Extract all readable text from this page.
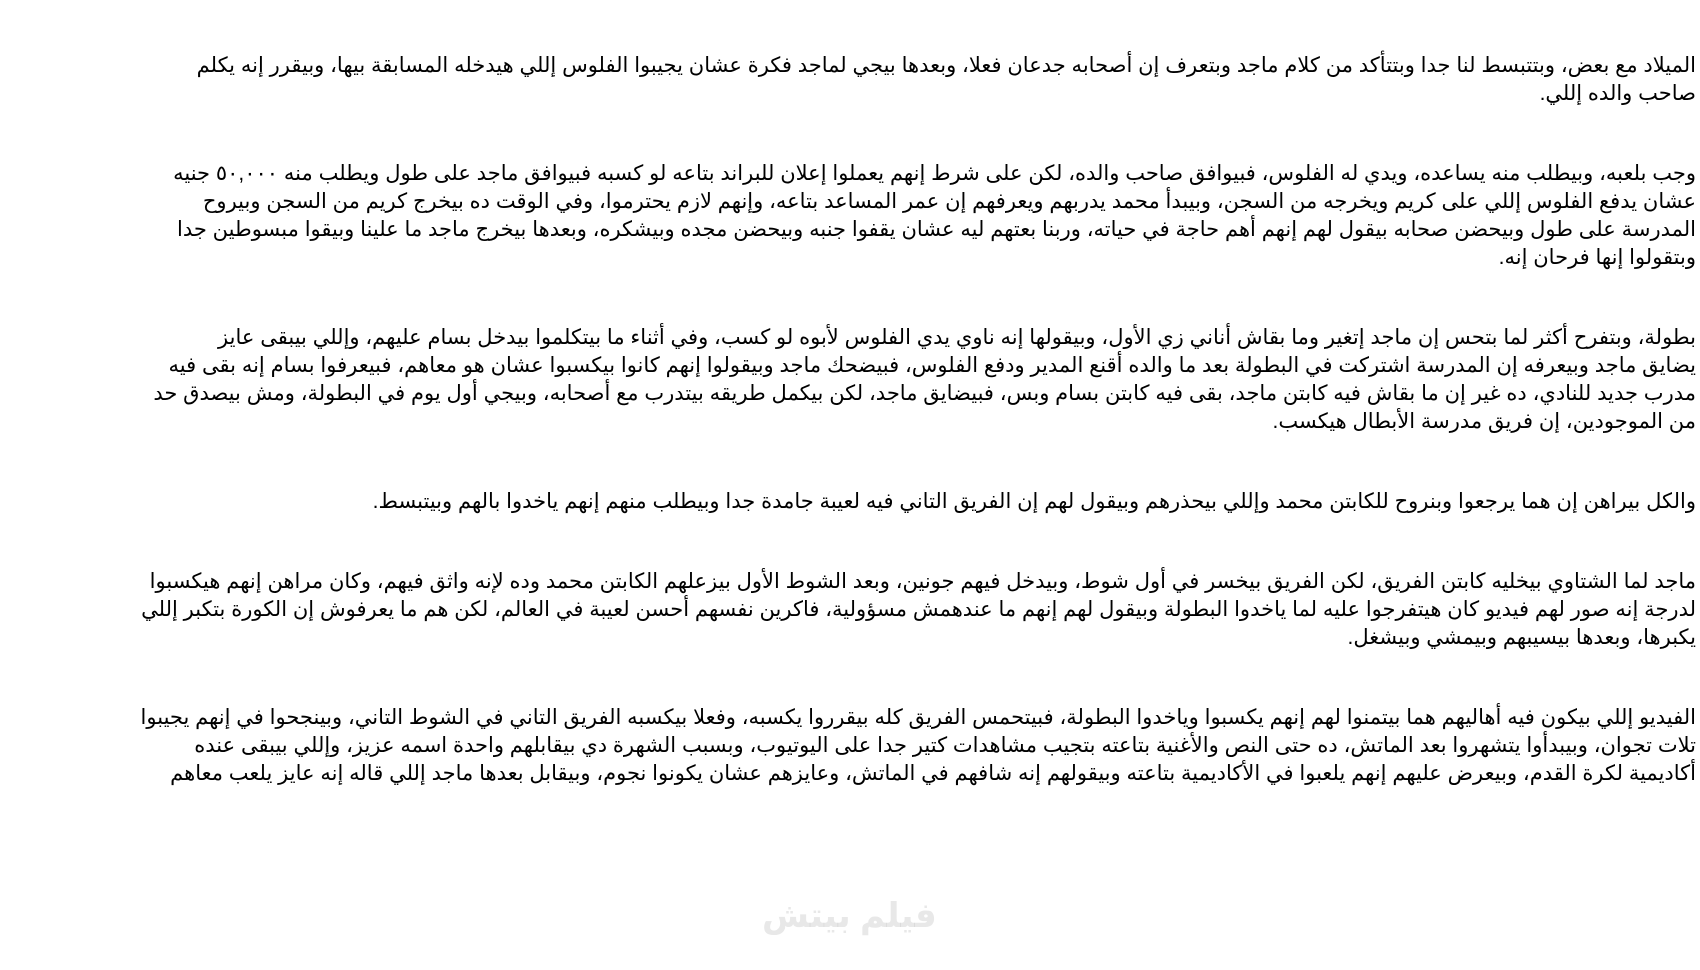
الميلاد مع بعض، وبتتبسط لنا جدا وبتتأكد من كلام ماجد وبتعرف إن أصحابه جدعان فعلا، وبعدها بيجي لماجد فكرة عشان يجيبوا الفلوس إللي هيدخله المسابقة بيها، وبيقرر إنه يكلم
صاحب والده إللي.

وجب بلعبه، وبيطلب منه يساعده، ويدي له الفلوس، فبيوافق صاحب والده، لكن على شرط إنهم يعملوا إعلان للبراند بتاعه لو كسبه فبيوافق ماجد على طول ويطلب منه ٥٠,٠٠٠ جنيه
عشان يدفع الفلوس إللي على كريم ويخرجه من السجن، وبيبدأ محمد يدربهم ويعرفهم إن عمر المساعد بتاعه، وإنهم لازم يحترموا، وفي الوقت ده بيخرج كريم من السجن وبيروح
المدرسة على طول وبيحضن صحابه بيقول لهم إنهم أهم حاجة في حياته، وربنا بعتهم ليه عشان يقفوا جنبه وبيحضن مجده وبيشكره، وبعدها بيخرج ماجد ما علينا وبيقوا مبسوطين جدا
وبتقولوا إنها فرحان إنه.

بطولة، وبتفرح أكثر لما بتحس إن ماجد إتغير وما بقاش أناني زي الأول، وبيقولها إنه ناوي يدي الفلوس لأبوه لو كسب، وفي أثناء ما بيتكلموا بيدخل بسام عليهم، وإللي بيبقى عايز
يضايق ماجد وبيعرفه إن المدرسة اشتركت في البطولة بعد ما والده أقنع المدير ودفع الفلوس، فبيضحك ماجد وبيقولوا إنهم كانوا بيكسبوا عشان هو معاهم، فبيعرفوا بسام إنه بقى فيه
مدرب جديد للنادي، ده غير إن ما بقاش فيه كابتن ماجد، بقى فيه كابتن بسام وبس، فبيضايق ماجد، لكن بيكمل طريقه بيتدرب مع أصحابه، وبيجي أول يوم في البطولة، ومش بيصدق حد
من الموجودين، إن فريق مدرسة الأبطال هيكسب.

والكل بيراهن إن هما يرجعوا وبنروح للكابتن محمد وإللي بيحذرهم وبيقول لهم إن الفريق التاني فيه لعيبة جامدة جدا وبيطلب منهم إنهم ياخدوا بالهم وبيتبسط.

ماجد لما الشتاوي بيخليه كابتن الفريق، لكن الفريق بيخسر في أول شوط، وبيدخل فيهم جونين، وبعد الشوط الأول بيزعلهم الكابتن محمد وده لإنه واثق فيهم، وكان مراهن إنهم هيكسبوا
لدرجة إنه صور لهم فيديو كان هيتفرجوا عليه لما ياخدوا البطولة وبيقول لهم إنهم ما عندهمش مسؤولية، فاكرين نفسهم أحسن لعيبة في العالم، لكن هم ما يعرفوش إن الكورة بتكبر إللي
يكبرها، وبعدها بيسيبهم وبيمشي وبيشغل.

الفيديو إللي بيكون فيه أهاليهم هما بيتمنوا لهم إنهم يكسبوا وياخدوا البطولة، فبيتحمس الفريق كله بيقرروا يكسبه، وفعلا بيكسبه الفريق التاني في الشوط التاني، وبينجحوا في إنهم يجيبوا
تلات تجوان، وبيبدأوا يتشهروا بعد الماتش، ده حتى النص والأغنية بتاعته بتجيب مشاهدات كتير جدا على اليوتيوب، وبسبب الشهرة دي بيقابلهم واحدة اسمه عزيز، وإللي بيبقى عنده
أكاديمية لكرة القدم، وبيعرض عليهم إنهم يلعبوا في الأكاديمية بتاعته وبيقولهم إنه شافهم في الماتش، وعايزهم عشان يكونوا نجوم، وبيقابل بعدها ماجد إللي قاله إنه عايز يلعب معاهم

فيلم بيتش
